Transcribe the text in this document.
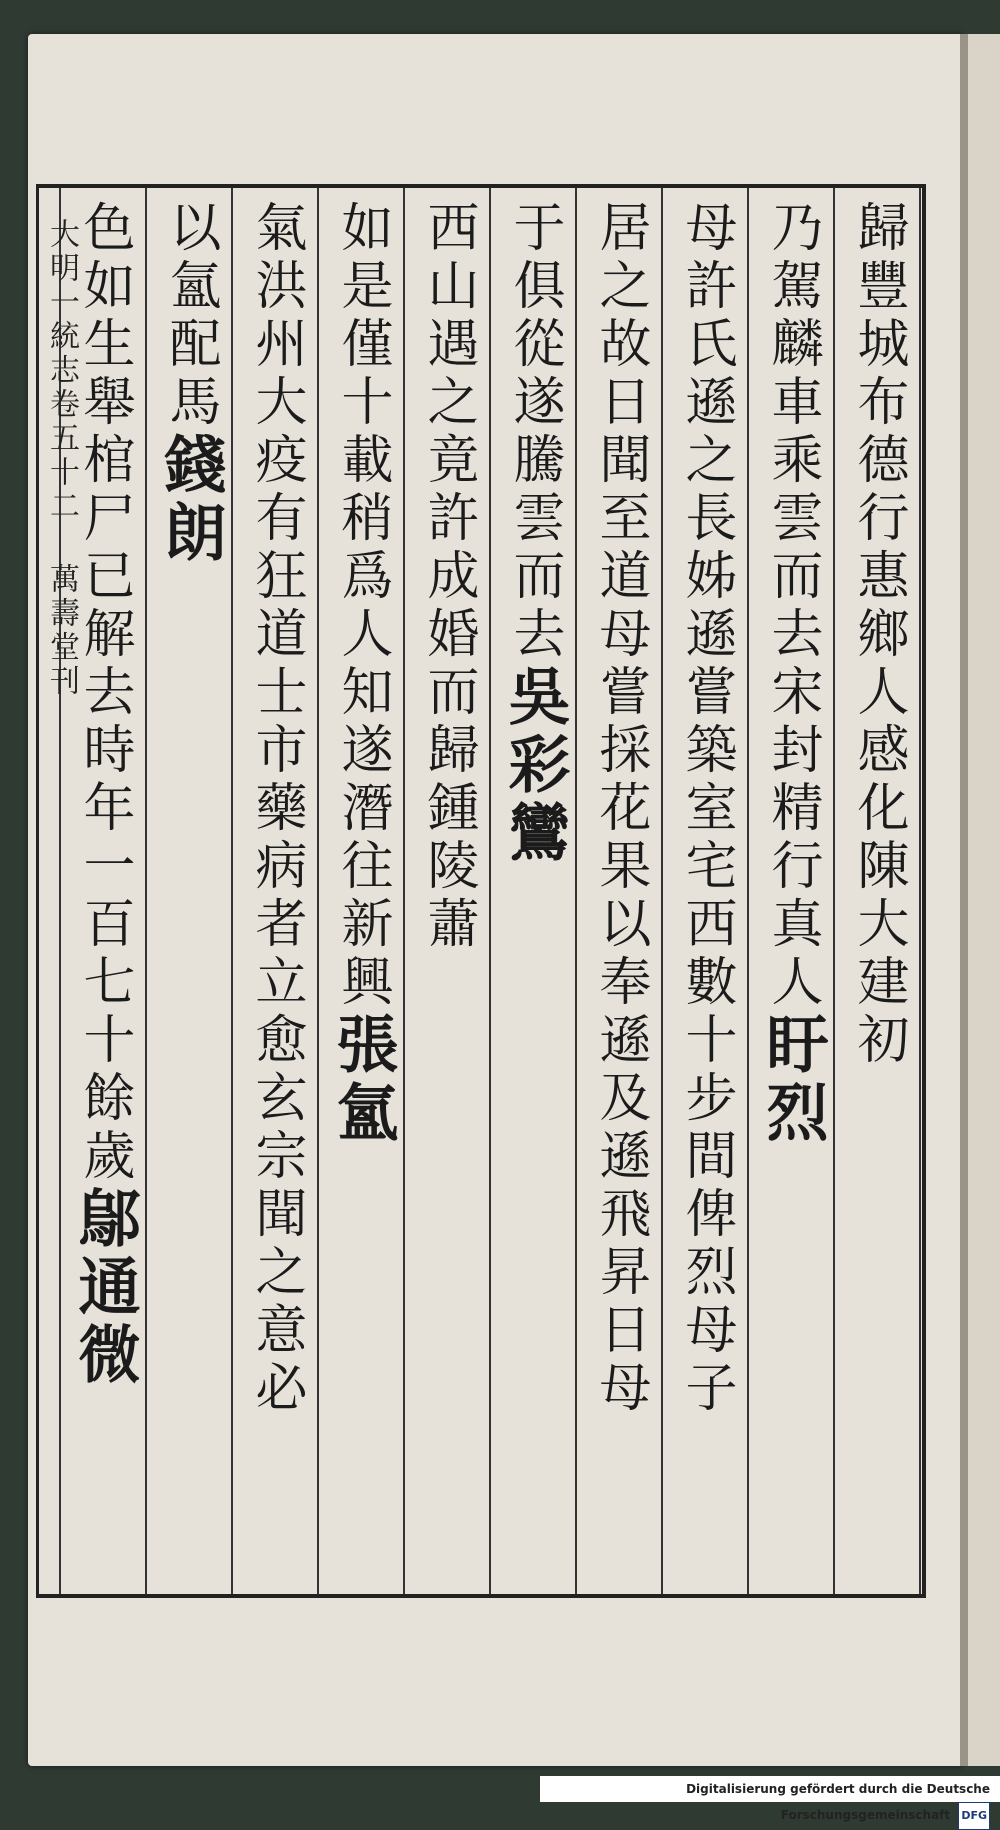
大明一統志卷五十二 萬壽堂刊	歸豐城布德行惠鄉人感化陳大建初
乃駕麟車乘雲而去宋封精行真人盱烈
母許氏遜之長姊遜嘗築室宅西數十步間俾烈母子
居之故日聞至道母嘗採花果以奉遜及遜飛昇日母
于俱從遂騰雲而去吳彩鸞
西山遇之竟許成婚而歸鍾陵蕭
如是僅十載稍爲人知遂潛往新興張氳
氣洪州大疫有狂道士市藥病者立愈玄宗聞之意必
以氳配馬錢朗
色如生舉棺尸已解去時年一百七十餘歲鄔通微
Digitalisierung gefördert durch die Deutsche Forschungsgemeinschaft DFG
